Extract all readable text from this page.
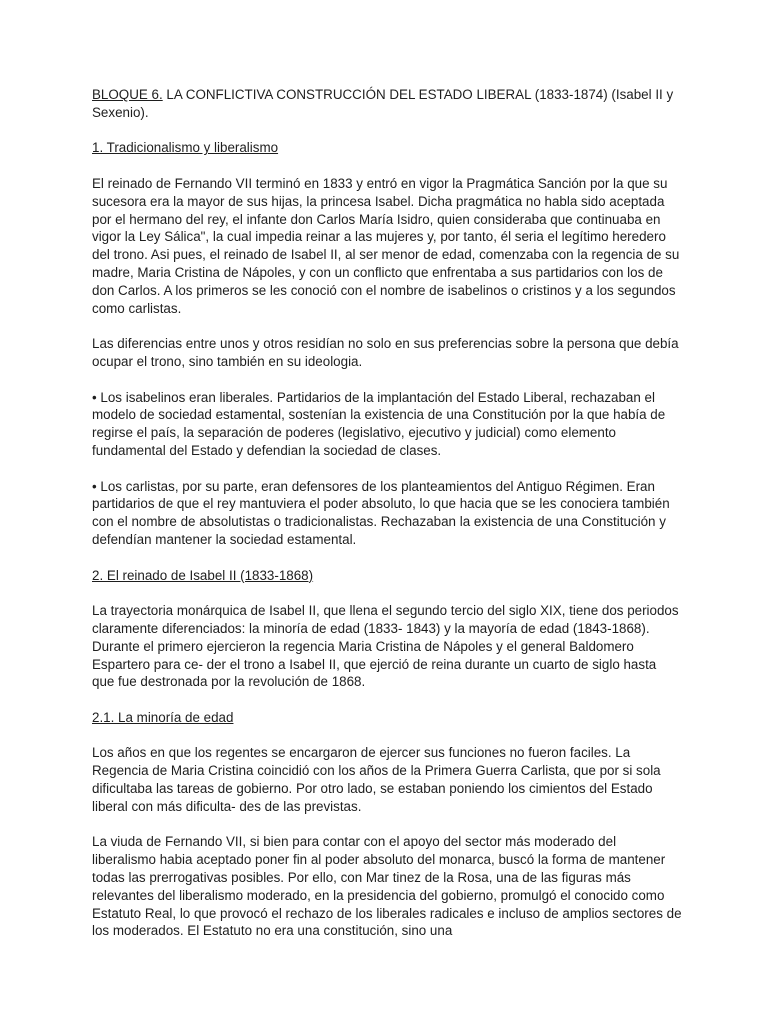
BLOQUE 6. LA CONFLICTIVA CONSTRUCCIÓN DEL ESTADO LIBERAL (1833-1874) (Isabel II y Sexenio).

1. Tradicionalismo y liberalismo

El reinado de Fernando VII terminó en 1833 y entró en vigor la Pragmática Sanción por la que su sucesora era la mayor de sus hijas, la princesa Isabel. Dicha pragmática no habla sido aceptada por el hermano del rey, el infante don Carlos María Isidro, quien consideraba que continuaba en vigor la Ley Sálica", la cual impedia reinar a las mujeres y, por tanto, él seria el legítimo heredero del trono. Asi pues, el reinado de Isabel II, al ser menor de edad, comenzaba con la regencia de su madre, Maria Cristina de Nápoles, y con un conflicto que enfrentaba a sus partidarios con los de don Carlos. A los primeros se les conoció con el nombre de isabelinos o cristinos y a los segundos como carlistas.

Las diferencias entre unos y otros residían no solo en sus preferencias sobre la persona que debía ocupar el trono, sino también en su ideologia.

• Los isabelinos eran liberales. Partidarios de la implantación del Estado Liberal, rechazaban el modelo de sociedad estamental, sostenían la existencia de una Constitución por la que había de regirse el país, la separación de poderes (legislativo, ejecutivo y judicial) como elemento fundamental del Estado y defendian la sociedad de clases.

• Los carlistas, por su parte, eran defensores de los planteamientos del Antiguo Régimen. Eran partidarios de que el rey mantuviera el poder absoluto, lo que hacia que se les conociera también con el nombre de absolutistas o tradicionalistas. Rechazaban la existencia de una Constitución y defendían mantener la sociedad estamental.

2. El reinado de Isabel II (1833-1868)

La trayectoria monárquica de Isabel II, que llena el segundo tercio del siglo XIX, tiene dos periodos claramente diferenciados: la minoría de edad (1833- 1843) y la mayoría de edad (1843-1868). Durante el primero ejercieron la regencia Maria Cristina de Nápoles y el general Baldomero Espartero para ce- der el trono a Isabel II, que ejerció de reina durante un cuarto de siglo hasta que fue destronada por la revolución de 1868.

2.1. La minoría de edad

Los años en que los regentes se encargaron de ejercer sus funciones no fueron faciles. La Regencia de Maria Cristina coincidió con los años de la Primera Guerra Carlista, que por si sola dificultaba las tareas de gobierno. Por otro lado, se estaban poniendo los cimientos del Estado liberal con más dificulta- des de las previstas.

La viuda de Fernando VII, si bien para contar con el apoyo del sector más moderado del liberalismo habia aceptado poner fin al poder absoluto del monarca, buscó la forma de mantener todas las prerrogativas posibles. Por ello, con Mar tinez de la Rosa, una de las figuras más relevantes del liberalismo moderado, en la presidencia del gobierno, promulgó el conocido como Estatuto Real, lo que provocó el rechazo de los liberales radicales e incluso de amplios sectores de los moderados. El Estatuto no era una constitución, sino una
